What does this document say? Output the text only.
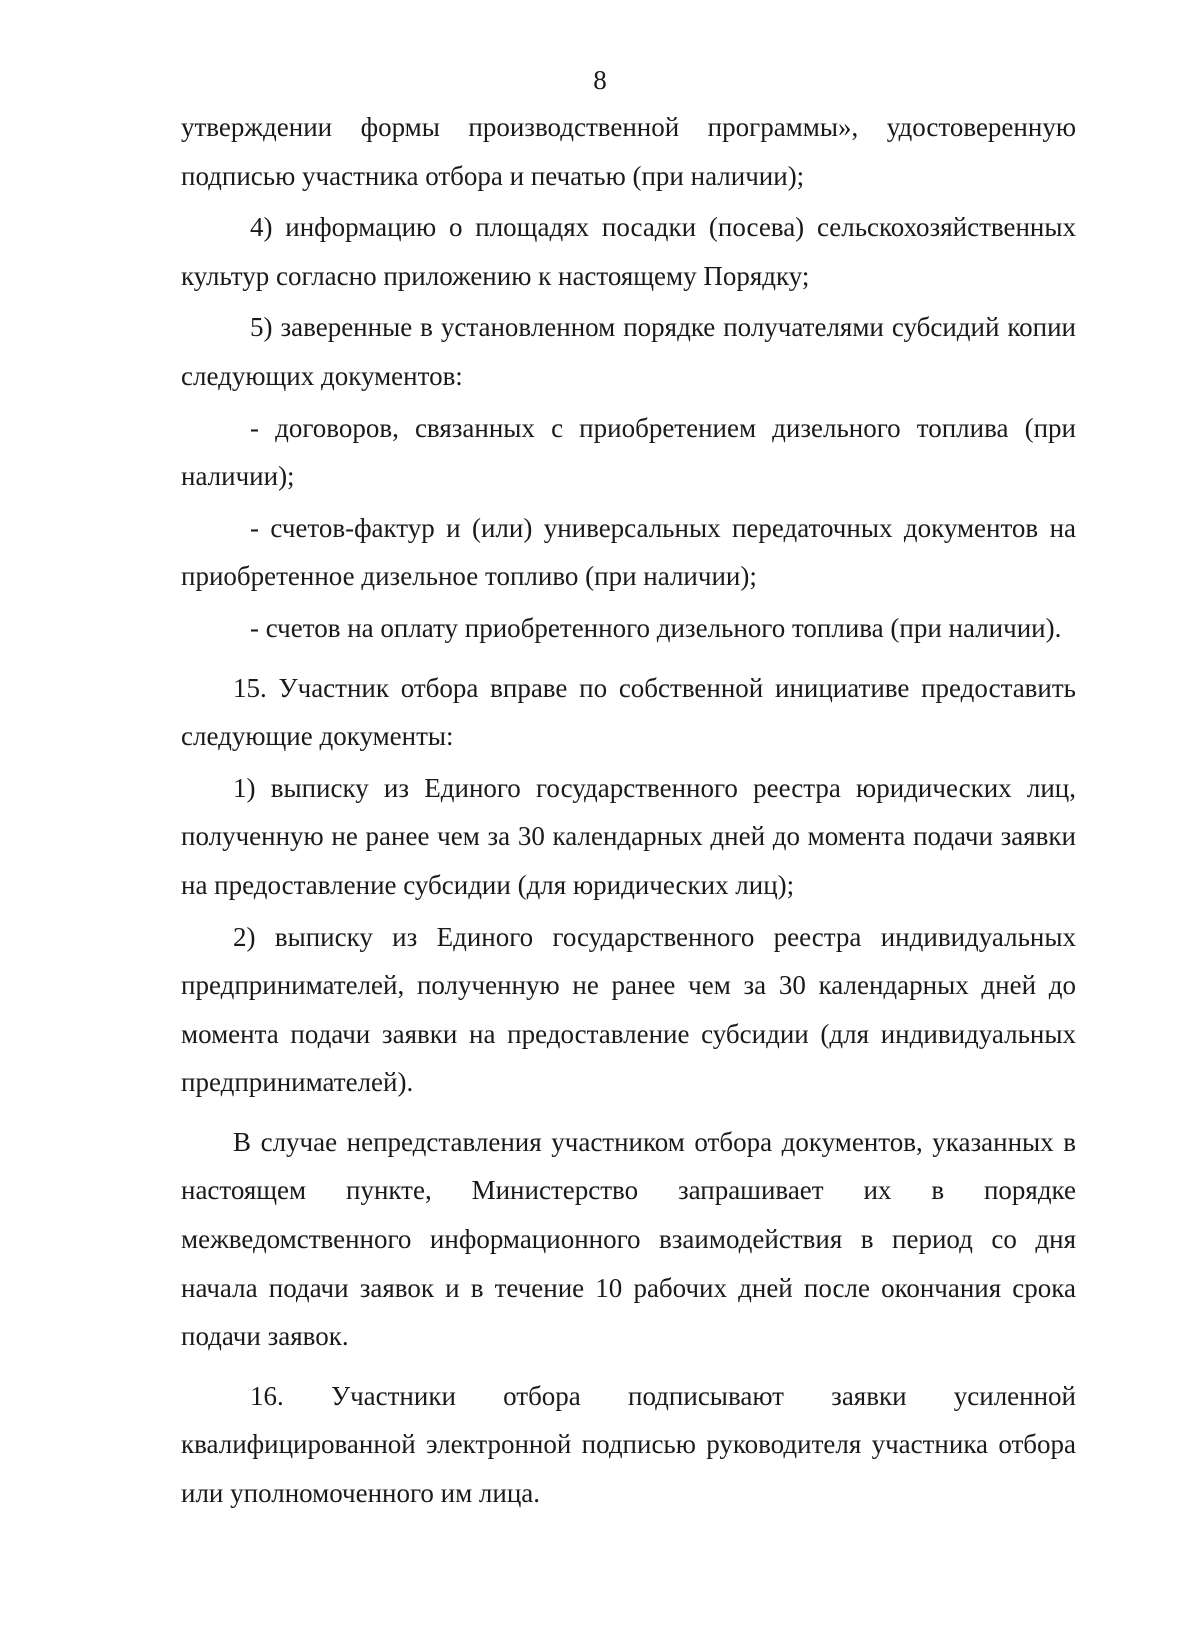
8

утверждении формы производственной программы», удостоверенную подписью участника отбора и печатью (при наличии);

4) информацию о площадях посадки (посева) сельскохозяйственных культур согласно приложению к настоящему Порядку;

5) заверенные в установленном порядке получателями субсидий копии следующих документов:

- договоров, связанных с приобретением дизельного топлива (при наличии);

- счетов-фактур и (или) универсальных передаточных документов на приобретенное дизельное топливо (при наличии);

- счетов на оплату приобретенного дизельного топлива (при наличии).

15. Участник отбора вправе по собственной инициативе предоставить следующие документы:

1) выписку из Единого государственного реестра юридических лиц, полученную не ранее чем за 30 календарных дней до момента подачи заявки на предоставление субсидии (для юридических лиц);

2) выписку из Единого государственного реестра индивидуальных предпринимателей, полученную не ранее чем за 30 календарных дней до момента подачи заявки на предоставление субсидии (для индивидуальных предпринимателей).

В случае непредставления участником отбора документов, указанных в настоящем пункте, Министерство запрашивает их в порядке межведомственного информационного взаимодействия в период со дня начала подачи заявок и в течение 10 рабочих дней после окончания срока подачи заявок.

16. Участники отбора подписывают заявки усиленной квалифицированной электронной подписью руководителя участника отбора или уполномоченного им лица.
